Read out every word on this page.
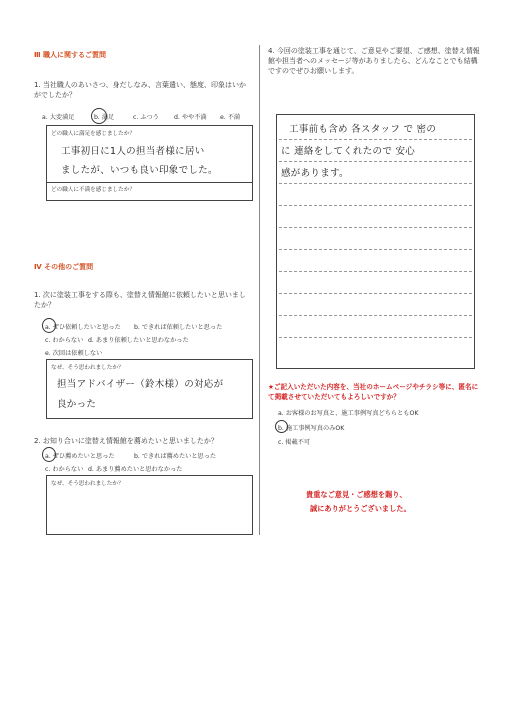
Ⅲ 職人に関するご質問
1. 当社職人のあいさつ、身だしなみ、言葉遣い、態度、印象はいかがでしたか？
a. 大変満足	b. 満足	c. ふつう d. やや不満 e. 不満
どの職人に満足を感じましたか？
工事初日に1人の担当者様に居い
ましたが、いつも良い印象でした。
どの職人に不満を感じましたか？
Ⅳ その他のご質問
1. 次に塗装工事をする際も、塗替え情報館に依頼したいと思いましたか？
a. ぜひ依頼したいと思った b. できれば依頼したいと思った
c. わからない d. あまり依頼したいと思わなかった
e. 次回は依頼しない
なぜ、そう思われましたか？
担当アドバイザー（鈴木様）の対応が
良かった
2. お知り合いに塗替え情報館を薦めたいと思いましたか？
a. ぜひ薦めたいと思った	b. できれば薦めたいと思った
c. わからない d. あまり薦めたいと思わなかった
なぜ、そう思われましたか？
4. 今回の塗装工事を通じて、ご意見やご要望、ご感想、塗替え情報館や担当者へのメッセージ等がありましたら、どんなことでも結構ですのでぜひお願いします。
工事前も含め 各スタッフ で 密の
に 連絡をしてくれたので 安心
感があります。
★ご記入いただいた内容を、当社のホームページやチラシ等に、匿名にて掲載させていただいてもよろしいですか？
a. お客様のお写真と、施工事例写真どちらともOK
b. 施工事例写真のみOK
c. 掲載不可
貴重なご意見・ご感想を賜り、
誠にありがとうございました。
